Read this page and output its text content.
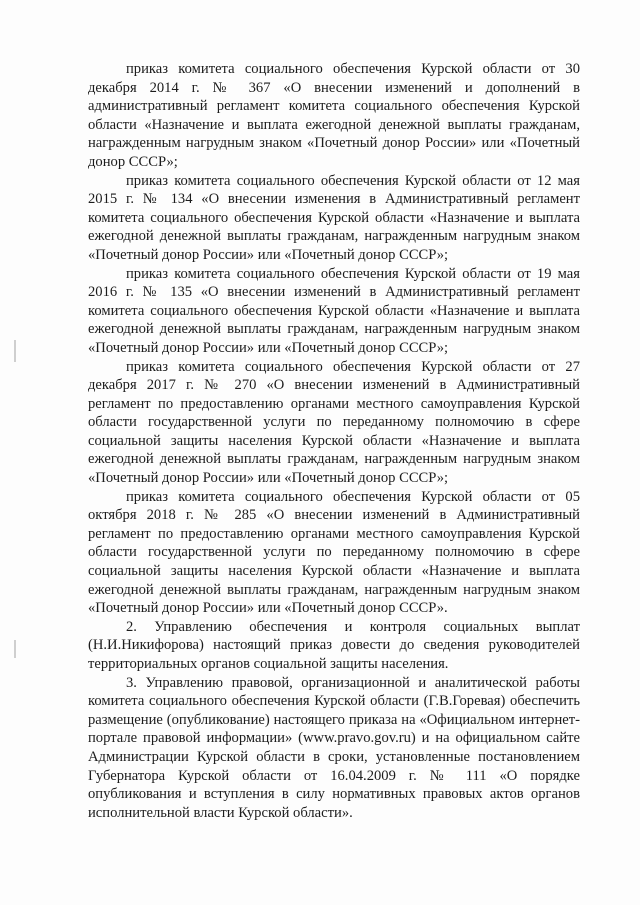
приказ комитета социального обеспечения Курской области от 30 декабря 2014 г. № 367 «О внесении изменений и дополнений в административный регламент комитета социального обеспечения Курской области «Назначение и выплата ежегодной денежной выплаты гражданам, награжденным нагрудным знаком «Почетный донор России» или «Почетный донор СССР»;

приказ комитета социального обеспечения Курской области от 12 мая 2015 г. № 134 «О внесении изменения в Административный регламент комитета социального обеспечения Курской области «Назначение и выплата ежегодной денежной выплаты гражданам, награжденным нагрудным знаком «Почетный донор России» или «Почетный донор СССР»;

приказ комитета социального обеспечения Курской области от 19 мая 2016 г. № 135 «О внесении изменений в Административный регламент комитета социального обеспечения Курской области «Назначение и выплата ежегодной денежной выплаты гражданам, награжденным нагрудным знаком «Почетный донор России» или «Почетный донор СССР»;

приказ комитета социального обеспечения Курской области от 27 декабря 2017 г. № 270 «О внесении изменений в Административный регламент по предоставлению органами местного самоуправления Курской области государственной услуги по переданному полномочию в сфере социальной защиты населения Курской области «Назначение и выплата ежегодной денежной выплаты гражданам, награжденным нагрудным знаком «Почетный донор России» или «Почетный донор СССР»;

приказ комитета социального обеспечения Курской области от 05 октября 2018 г. № 285 «О внесении изменений в Административный регламент по предоставлению органами местного самоуправления Курской области государственной услуги по переданному полномочию в сфере социальной защиты населения Курской области «Назначение и выплата ежегодной денежной выплаты гражданам, награжденным нагрудным знаком «Почетный донор России» или «Почетный донор СССР».

2. Управлению обеспечения и контроля социальных выплат (Н.И.Никифорова) настоящий приказ довести до сведения руководителей территориальных органов социальной защиты населения.

3. Управлению правовой, организационной и аналитической работы комитета социального обеспечения Курской области (Г.В.Горевая) обеспечить размещение (опубликование) настоящего приказа на «Официальном интернет-портале правовой информации» (www.pravo.gov.ru) и на официальном сайте Администрации Курской области в сроки, установленные постановлением Губернатора Курской области от 16.04.2009 г. № 111 «О порядке опубликования и вступления в силу нормативных правовых актов органов исполнительной власти Курской области».
